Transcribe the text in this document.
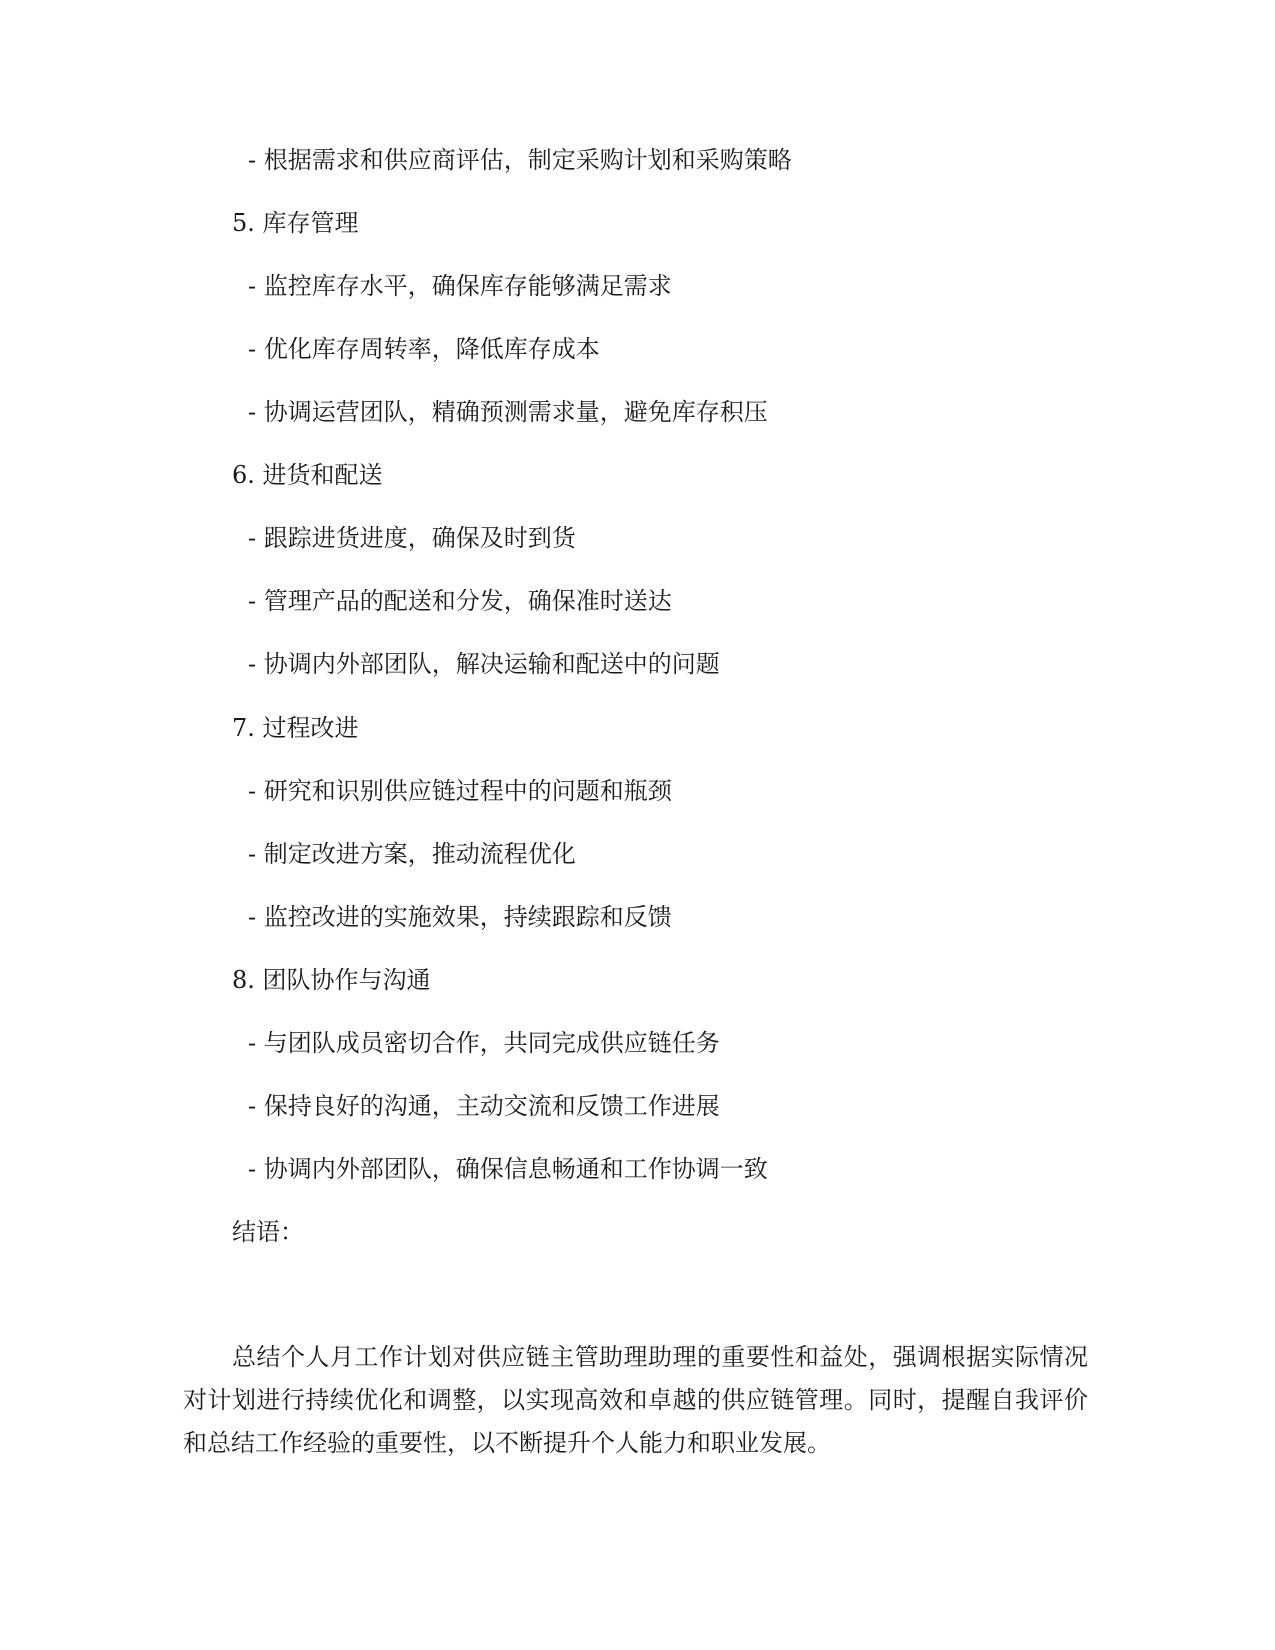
- 根据需求和供应商评估，制定采购计划和采购策略
5. 库存管理
- 监控库存水平，确保库存能够满足需求
- 优化库存周转率，降低库存成本
- 协调运营团队，精确预测需求量，避免库存积压
6. 进货和配送
- 跟踪进货进度，确保及时到货
- 管理产品的配送和分发，确保准时送达
- 协调内外部团队，解决运输和配送中的问题
7. 过程改进
- 研究和识别供应链过程中的问题和瓶颈
- 制定改进方案，推动流程优化
- 监控改进的实施效果，持续跟踪和反馈
8. 团队协作与沟通
- 与团队成员密切合作，共同完成供应链任务
- 保持良好的沟通，主动交流和反馈工作进展
- 协调内外部团队，确保信息畅通和工作协调一致
结语：
总结个人月工作计划对供应链主管助理助理的重要性和益处，强调根据实际情况对计划进行持续优化和调整，以实现高效和卓越的供应链管理。同时，提醒自我评价和总结工作经验的重要性，以不断提升个人能力和职业发展。
